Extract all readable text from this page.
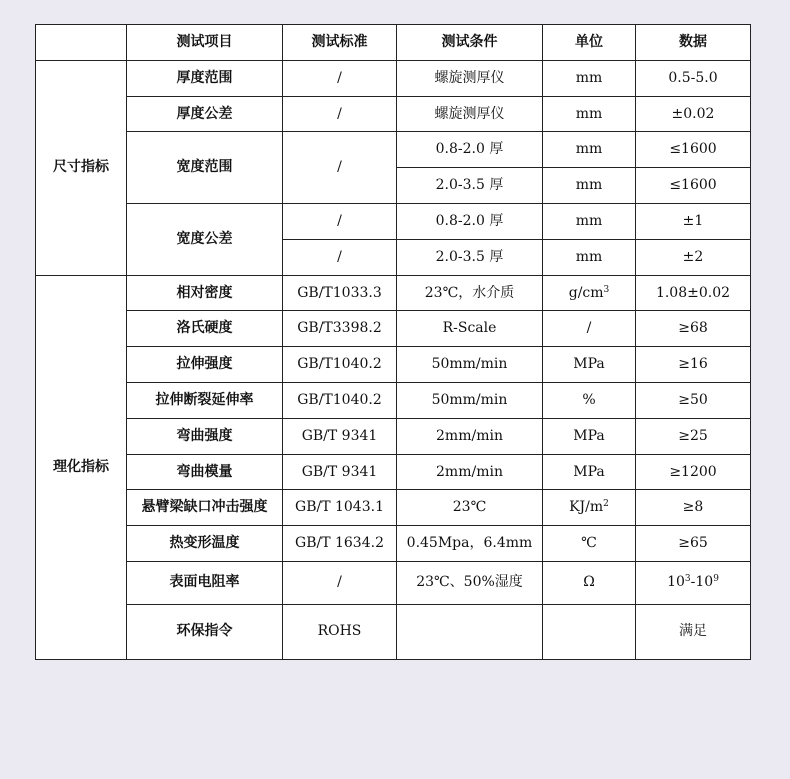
	测试项目	测试标准	测试条件	单位	数据
尺寸指标	厚度范围	/	螺旋测厚仪	mm	0.5-5.0
	厚度公差	/	螺旋测厚仪	mm	±0.02
	宽度范围	/	0.8-2.0 厚	mm	≤1600
			2.0-3.5 厚	mm	≤1600
	宽度公差	/	0.8-2.0 厚	mm	±1
		/	2.0-3.5 厚	mm	±2
理化指标	相对密度	GB/T1033.3	23℃，水介质	$g/cm^3$	1.08±0.02
	洛氏硬度	GB/T3398.2	R-Scale	/	≥68
	拉伸强度	GB/T1040.2	50mm/min	MPa	≥16
	拉伸断裂延伸率	GB/T1040.2	50mm/min	%	≥50
	弯曲强度	GB/T 9341	2mm/min	MPa	≥25
	弯曲模量	GB/T 9341	2mm/min	MPa	≥1200
	悬臂梁缺口冲击强度	GB/T 1043.1	23℃	$KJ/m^2$	≥8
	热变形温度	GB/T 1634.2	0.45Mpa，6.4mm	℃	≥65
	表面电阻率	/	23℃、50%湿度	Ω	$10^3-10^9$
	环保指令	ROHS			满足
